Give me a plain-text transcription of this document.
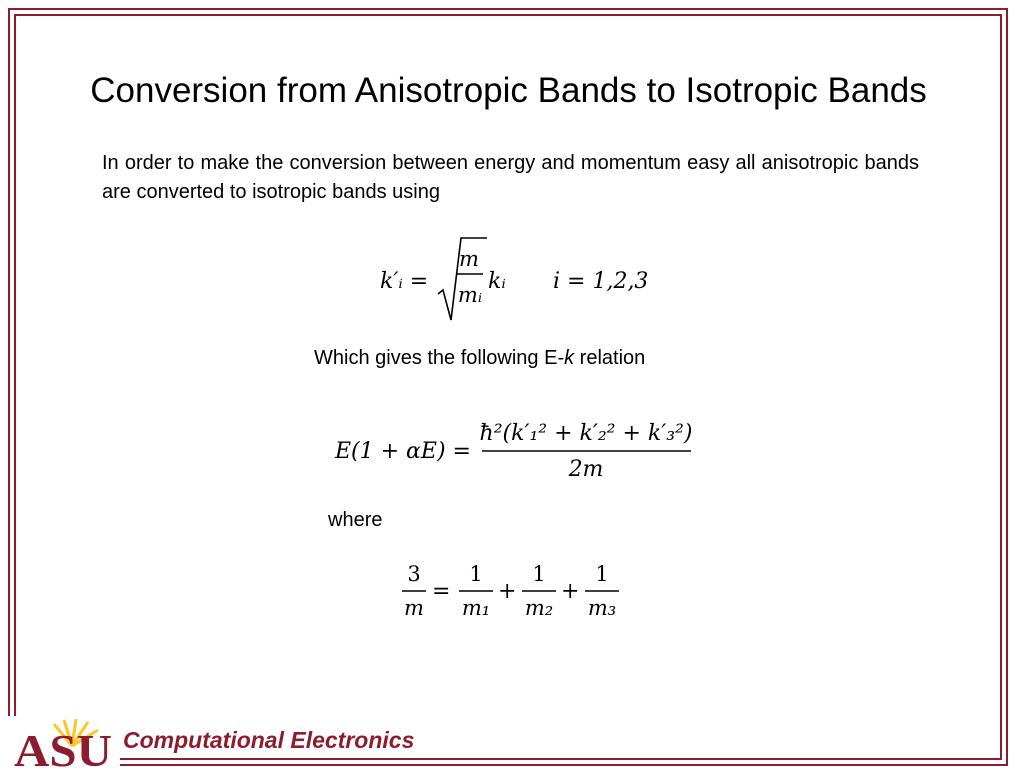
Conversion from Anisotropic Bands to Isotropic Bands
In order to make the conversion between energy and momentum easy all anisotropic bands are converted to isotropic bands using
k′ᵢ =
m
mᵢ
kᵢ i = 1,2,3
Which gives the following E-k relation
E(1 + αE) =
ħ²(k′₁² + k′₂² + k′₃²)
2m
where
3
m
=
1
m₁
+
1
m₂
+
1
m₃
ASU Computational Electronics
